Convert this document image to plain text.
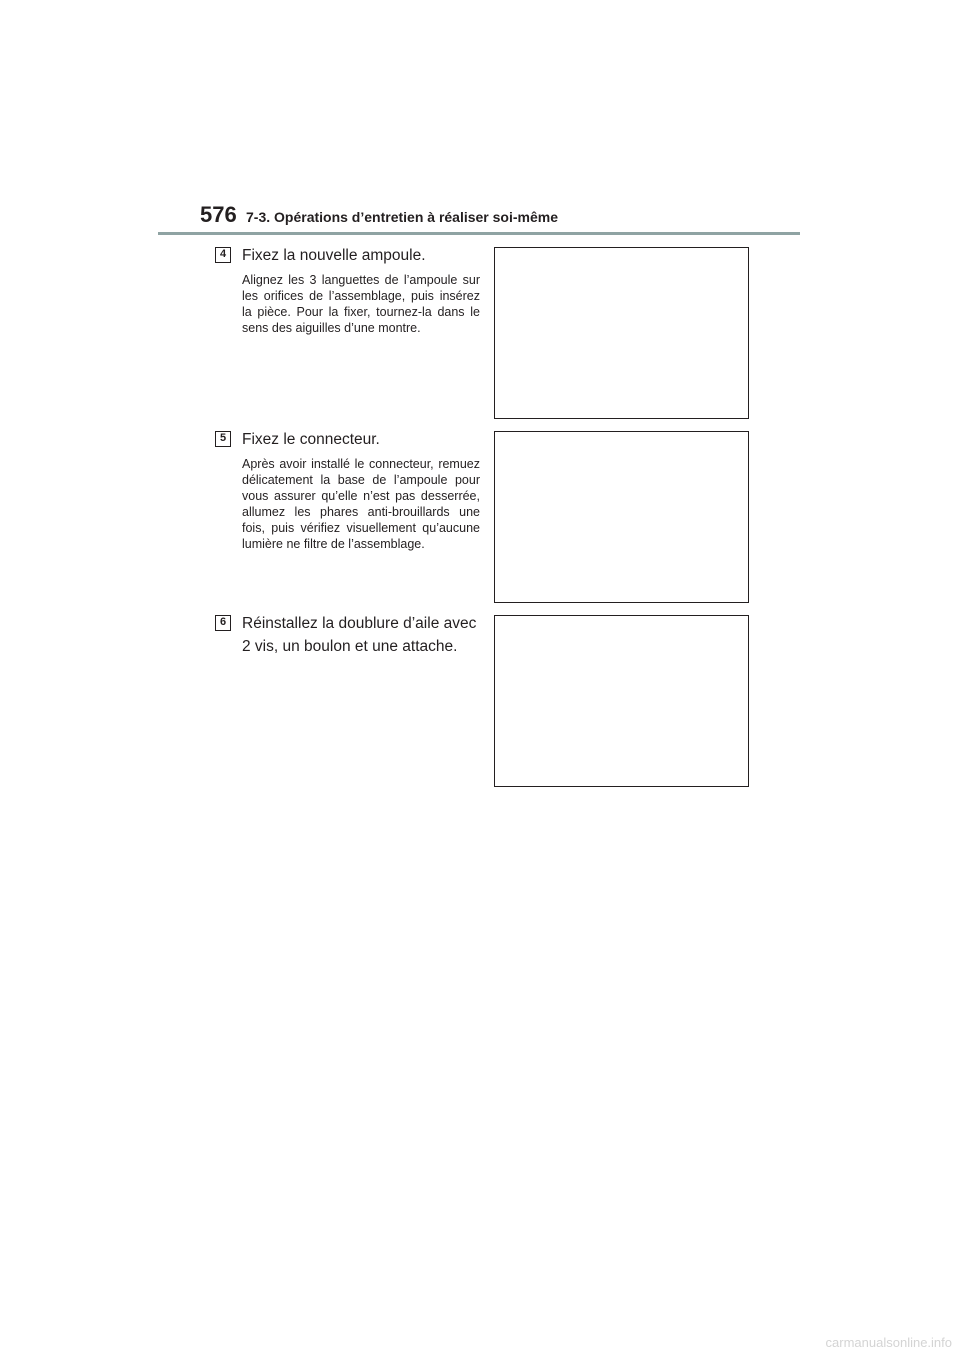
576 7-3. Opérations d’entretien à réaliser soi-même
4	Fixez la nouvelle ampoule.
Alignez les 3 languettes de l’ampoule sur les orifices de l’assemblage, puis insérez la pièce. Pour la fixer, tournez-la dans le sens des aiguilles d’une montre.
5	Fixez le connecteur.
Après avoir installé le connecteur, remuez délicatement la base de l’ampoule pour vous assurer qu’elle n’est pas desserrée, allumez les phares anti-brouillards une fois, puis vérifiez visuellement qu’aucune lumière ne filtre de l’assemblage.
6	Réinstallez la doublure d’aile avec 2 vis, un boulon et une attache.
carmanualsonline.info
